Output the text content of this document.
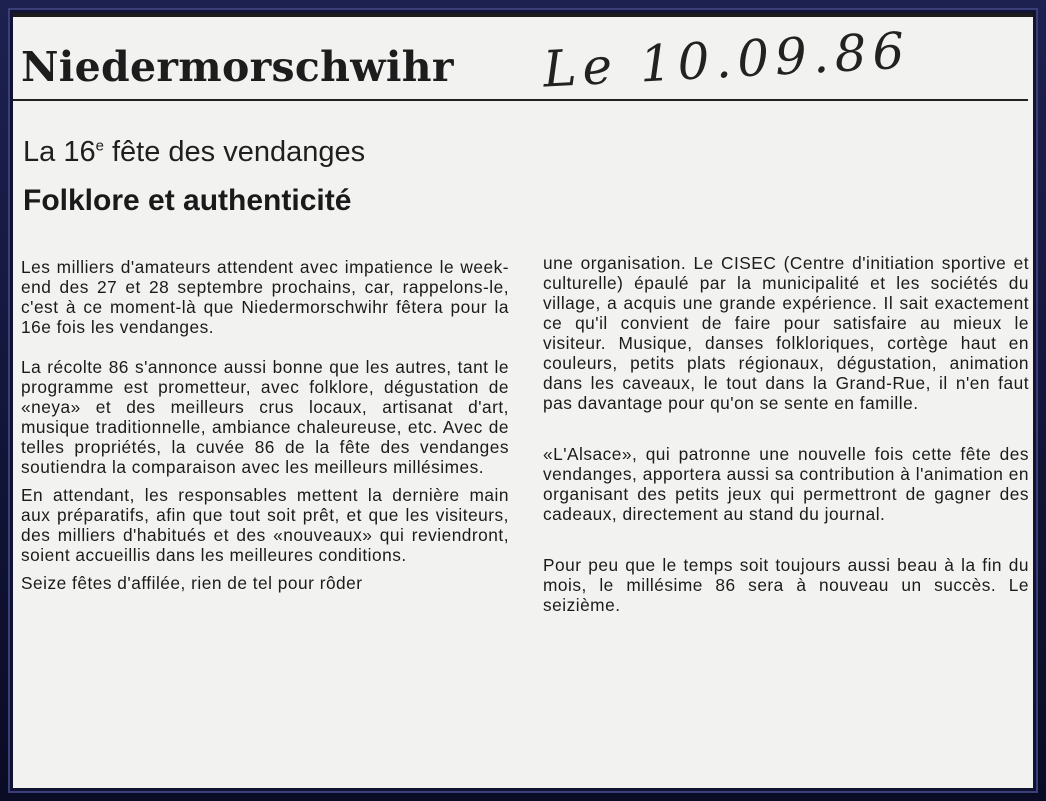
Niedermorschwihr Le 10.09.86
La 16e fête des vendanges
Folklore et authenticité

Les milliers d'amateurs attendent avec impatience le week-end des 27 et 28 septembre prochains, car, rappelons-le, c'est à ce moment-là que Niedermorschwihr fêtera pour la 16e fois les vendanges.

La récolte 86 s'annonce aussi bonne que les autres, tant le programme est prometteur, avec folklore, dégustation de «neya» et des meilleurs crus locaux, artisanat d'art, musique traditionnelle, ambiance chaleureuse, etc. Avec de telles propriétés, la cuvée 86 de la fête des vendanges soutiendra la comparaison avec les meilleurs millésimes.

En attendant, les responsables mettent la dernière main aux préparatifs, afin que tout soit prêt, et que les visiteurs, des milliers d'habitués et des «nouveaux» qui reviendront, soient accueillis dans les meilleures conditions.

Seize fêtes d'affilée, rien de tel pour rôder

une organisation. Le CISEC (Centre d'initiation sportive et culturelle) épaulé par la municipalité et les sociétés du village, a acquis une grande expérience. Il sait exactement ce qu'il convient de faire pour satisfaire au mieux le visiteur. Musique, danses folkloriques, cortège haut en couleurs, petits plats régionaux, dégustation, animation dans les caveaux, le tout dans la Grand-Rue, il n'en faut pas davantage pour qu'on se sente en famille.

«L'Alsace», qui patronne une nouvelle fois cette fête des vendanges, apportera aussi sa contribution à l'animation en organisant des petits jeux qui permettront de gagner des cadeaux, directement au stand du journal.

Pour peu que le temps soit toujours aussi beau à la fin du mois, le millésime 86 sera à nouveau un succès. Le seizième.
